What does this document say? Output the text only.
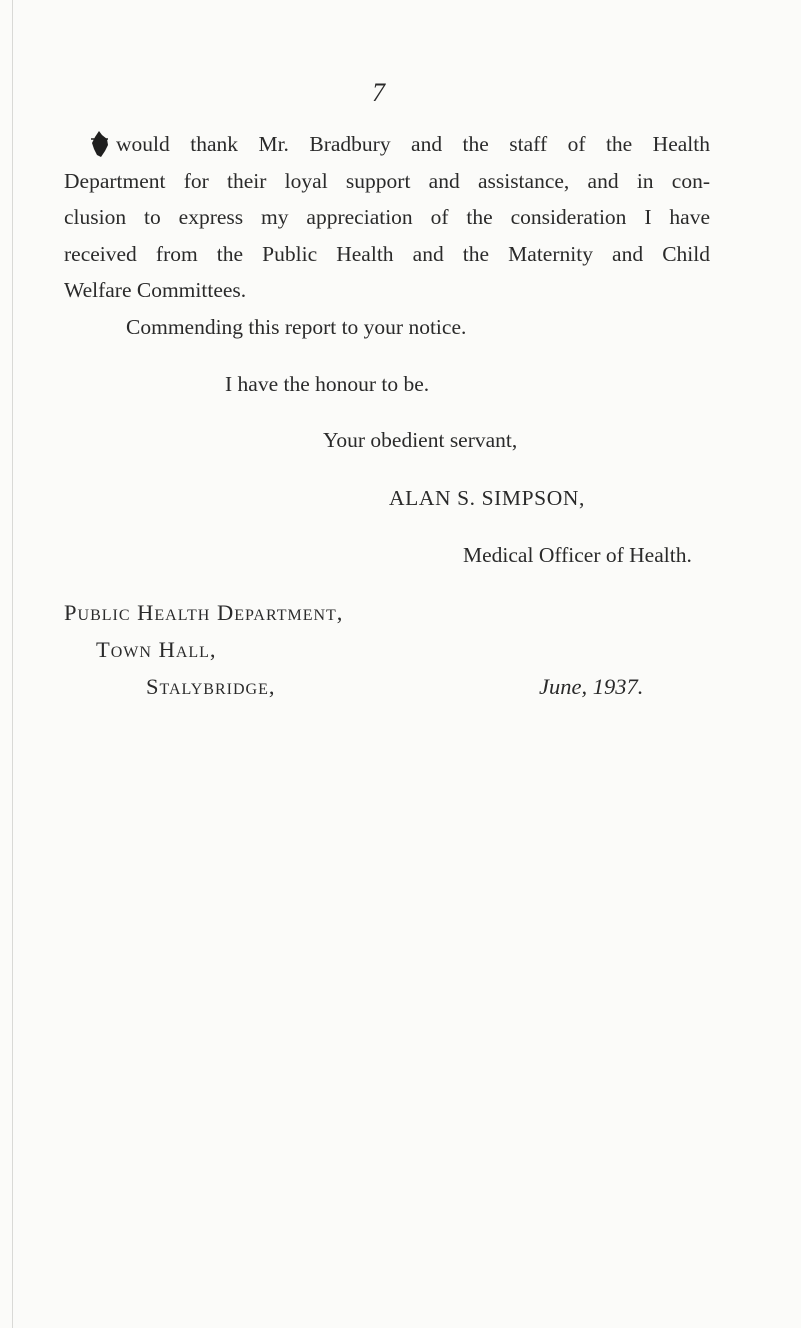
7
would thank Mr. Bradbury and the staff of the Health
Department for their loyal support and assistance, and in con-
clusion to express my appreciation of the consideration I have
received from the Public Health and the Maternity and Child
Welfare Committees.
Commending this report to your notice.
I have the honour to be.
Your obedient servant,
ALAN S. SIMPSON,
Medical Officer of Health.
Public Health Department,
Town Hall,
Stalybridge,	June, 1937.
